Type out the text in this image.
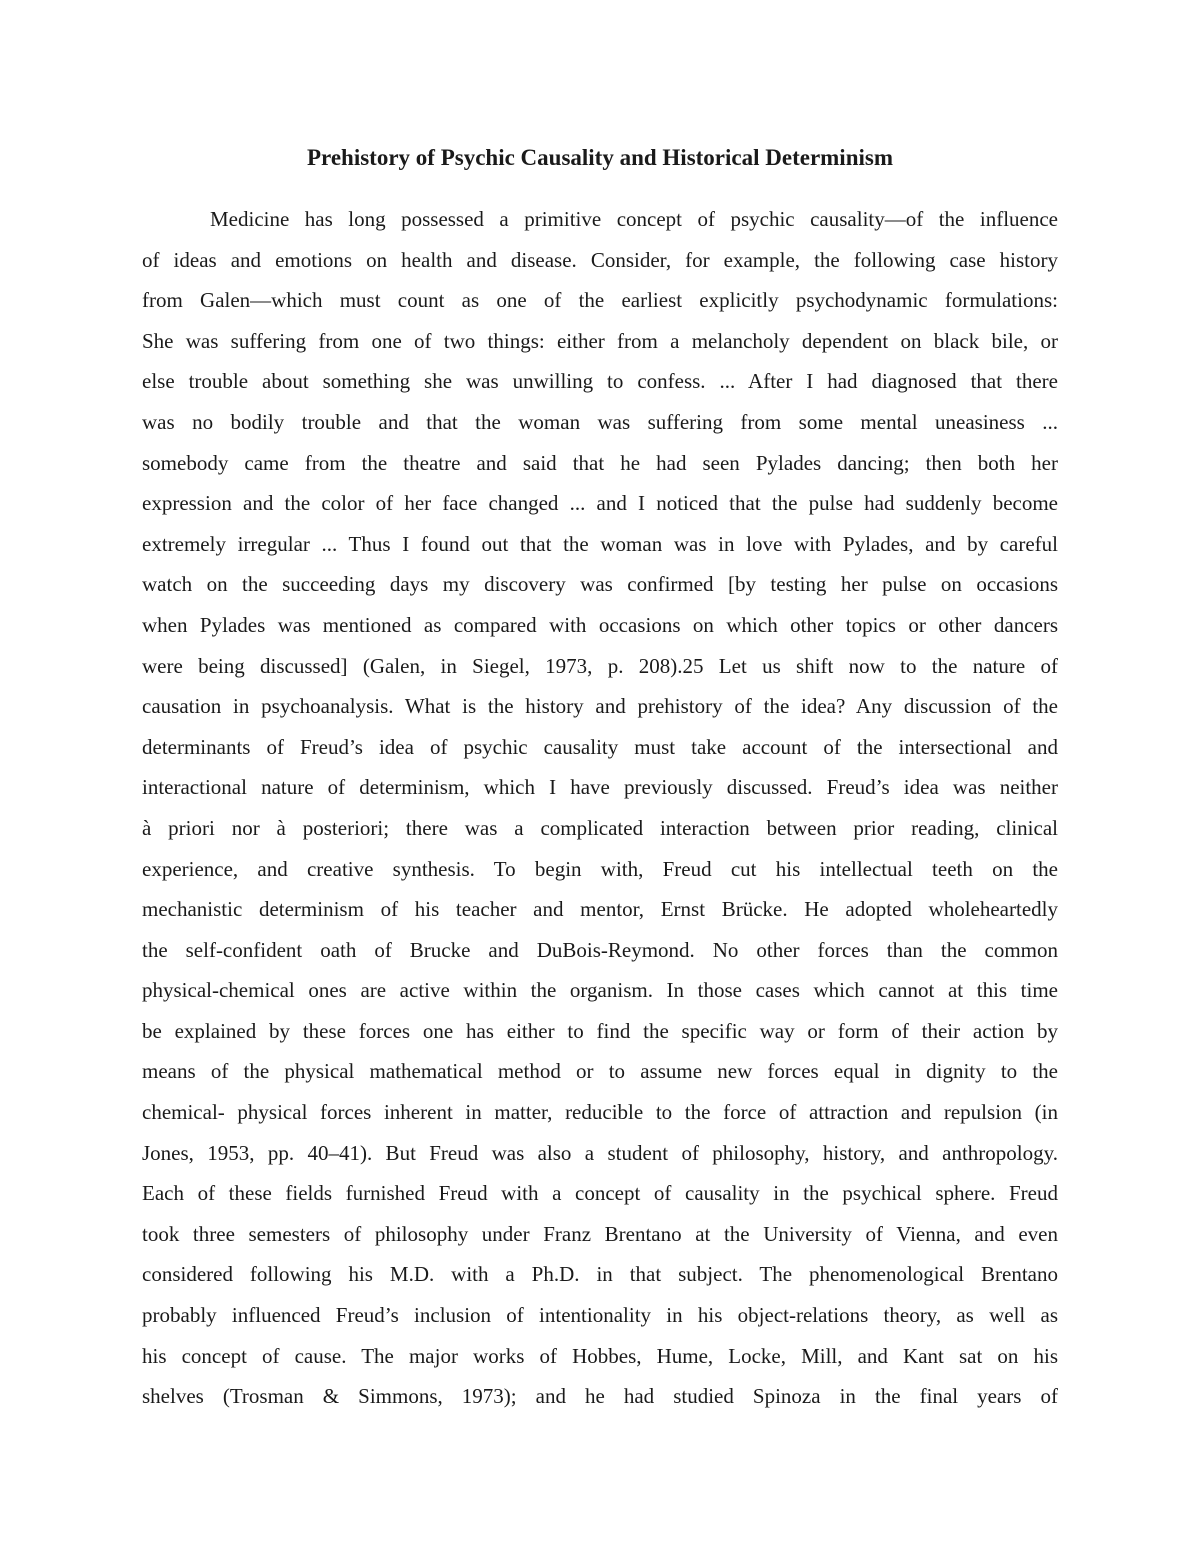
Prehistory of Psychic Causality and Historical Determinism
Medicine has long possessed a primitive concept of psychic causality—of the influence
of ideas and emotions on health and disease. Consider, for example, the following case history
from Galen—which must count as one of the earliest explicitly psychodynamic formulations:
She was suffering from one of two things: either from a melancholy dependent on black bile, or
else trouble about something she was unwilling to confess. ... After I had diagnosed that there
was no bodily trouble and that the woman was suffering from some mental uneasiness ...
somebody came from the theatre and said that he had seen Pylades dancing; then both her
expression and the color of her face changed ... and I noticed that the pulse had suddenly become
extremely irregular ... Thus I found out that the woman was in love with Pylades, and by careful
watch on the succeeding days my discovery was confirmed [by testing her pulse on occasions
when Pylades was mentioned as compared with occasions on which other topics or other dancers
were being discussed] (Galen, in Siegel, 1973, p. 208).25 Let us shift now to the nature of
causation in psychoanalysis. What is the history and prehistory of the idea? Any discussion of the
determinants of Freud’s idea of psychic causality must take account of the intersectional and
interactional nature of determinism, which I have previously discussed. Freud’s idea was neither
à priori nor à posteriori; there was a complicated interaction between prior reading, clinical
experience, and creative synthesis. To begin with, Freud cut his intellectual teeth on the
mechanistic determinism of his teacher and mentor, Ernst Brücke. He adopted wholeheartedly
the self-confident oath of Brucke and DuBois-Reymond. No other forces than the common
physical-chemical ones are active within the organism. In those cases which cannot at this time
be explained by these forces one has either to find the specific way or form of their action by
means of the physical mathematical method or to assume new forces equal in dignity to the
chemical- physical forces inherent in matter, reducible to the force of attraction and repulsion (in
Jones, 1953, pp. 40–41). But Freud was also a student of philosophy, history, and anthropology.
Each of these fields furnished Freud with a concept of causality in the psychical sphere. Freud
took three semesters of philosophy under Franz Brentano at the University of Vienna, and even
considered following his M.D. with a Ph.D. in that subject. The phenomenological Brentano
probably influenced Freud’s inclusion of intentionality in his object-relations theory, as well as
his concept of cause. The major works of Hobbes, Hume, Locke, Mill, and Kant sat on his
shelves (Trosman & Simmons, 1973); and he had studied Spinoza in the final years of
